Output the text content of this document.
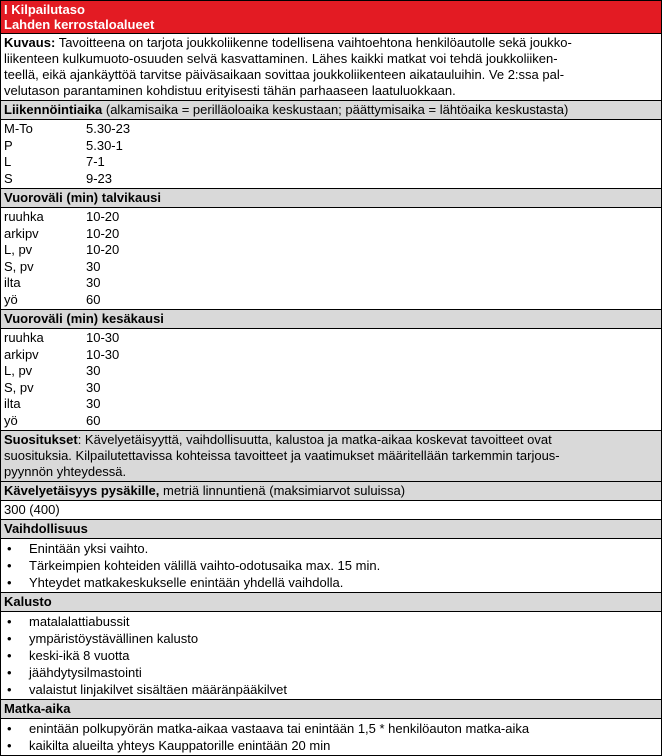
I Kilpailutaso
Lahden kerrostaloalueet
Kuvaus: Tavoitteena on tarjota joukkoliikenne todellisena vaihtoehtona henkilöautolle sekä joukko-
liikenteen kulkumuoto-osuuden selvä kasvattaminen. Lähes kaikki matkat voi tehdä joukkoliiken-
teellä, eikä ajankäyttöä tarvitse päiväsaikaan sovittaa joukkoliikenteen aikatauluihin. Ve 2:ssa pal-
velutason parantaminen kohdistuu erityisesti tähän parhaaseen laatuluokkaan.
Liikennöintiaika (alkamisaika = perilläoloaika keskustaan; päättymisaika = lähtöaika keskustasta)
M-To	5.30-23
P	5.30-1
L	7-1
S	9-23
Vuoroväli (min) talvikausi
ruuhka	10-20
arkipv	10-20
L, pv	10-20
S, pv	30
ilta	30
yö	60
Vuoroväli (min) kesäkausi
ruuhka	10-30
arkipv	10-30
L, pv	30
S, pv	30
ilta	30
yö	60
Suositukset: Kävelyetäisyyttä, vaihdollisuutta, kalustoa ja matka-aikaa koskevat tavoitteet ovat
suosituksia. Kilpailutettavissa kohteissa tavoitteet ja vaatimukset määritellään tarkemmin tarjous-
pyynnön yhteydessä.
Kävelyetäisyys pysäkille, metriä linnuntienä (maksimiarvot suluissa)
300 (400)
Vaihdollisuus
• Enintään yksi vaihto.
• Tärkeimpien kohteiden välillä vaihto-odotusaika max. 15 min.
• Yhteydet matkakeskukselle enintään yhdellä vaihdolla.
Kalusto
• matalalattiabussit
• ympäristöystävällinen kalusto
• keski-ikä 8 vuotta
• jäähdytysilmastointi
• valaistut linjakilvet sisältäen määränpääkilvet
Matka-aika
• enintään polkupyörän matka-aikaa vastaava tai enintään 1,5 * henkilöauton matka-aika
• kaikilta alueilta yhteys Kauppatorille enintään 20 min
